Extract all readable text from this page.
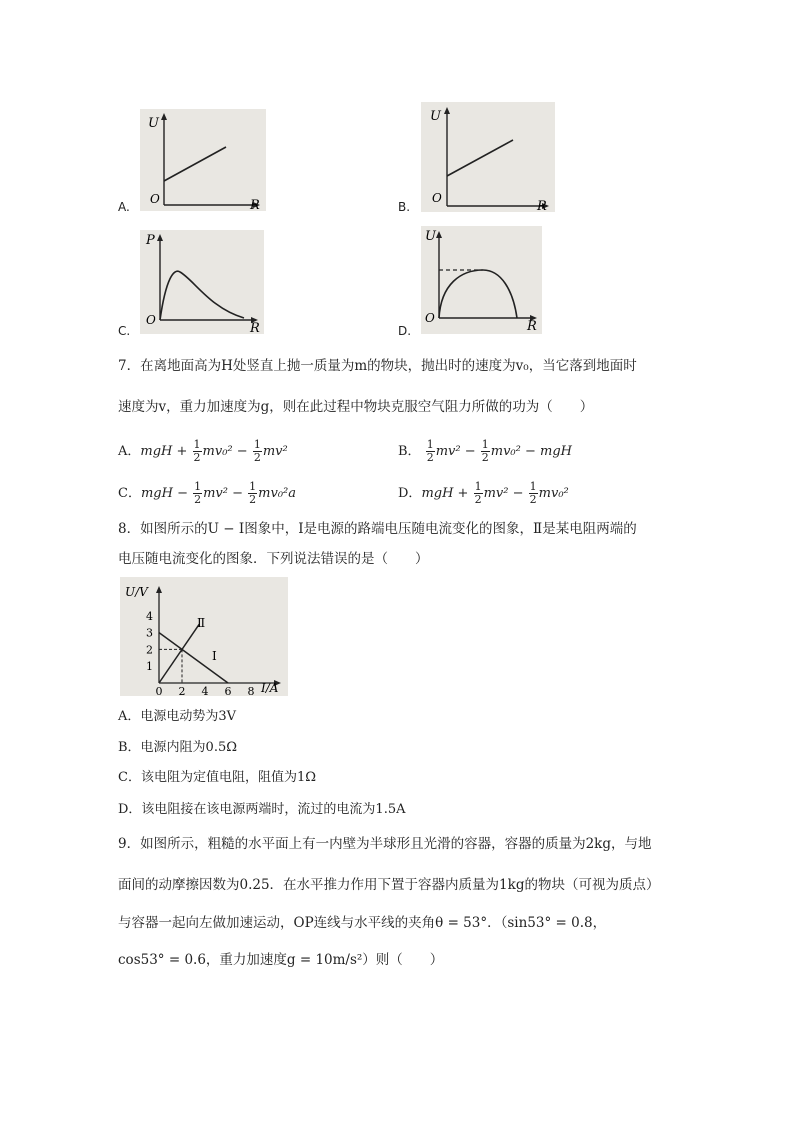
A.
U
O	R	B.
U
O
R
C.
P
O
R	D.
U
O
R
7．在离地面高为H处竖直上抛一质量为m的物块，抛出时的速度为v₀，当它落到地面时
速度为v，重力加速度为g，则在此过程中物块克服空气阻力所做的功为（　　）
A．mgH + $\frac{1}{2} mv_0^2 - \frac{1}{2} mv^2$	B． $\frac{1}{2} mv^2 - \frac{1}{2} mv_0^2$ − mgH
C．mgH − $\frac{1}{2} mv^2 - \frac{1}{2} mv_0^2a$	D．mgH + $\frac{1}{2} mv^2 - \frac{1}{2} mv_0^2$
8．如图所示的U − I图象中，Ⅰ是电源的路端电压随电流变化的图象，Ⅱ是某电阻两端的
电压随电流变化的图象．下列说法错误的是（　　）
0 2 4 6 8
1
2
3
4
U/V
I/A
Ⅱ
Ⅰ
A．电源电动势为3V
B．电源内阻为0.5Ω
C．该电阻为定值电阻，阻值为1Ω
D．该电阻接在该电源两端时，流过的电流为1.5A
9．如图所示，粗糙的水平面上有一内壁为半球形且光滑的容器，容器的质量为2kg，与地
面间的动摩擦因数为0.25．在水平推力作用下置于容器内质量为1kg的物块（可视为质点）
与容器一起向左做加速运动，OP连线与水平线的夹角θ = 53°．（sin53° = 0.8，
cos53° = 0.6，重力加速度g = 10m/s²）则（　　）
